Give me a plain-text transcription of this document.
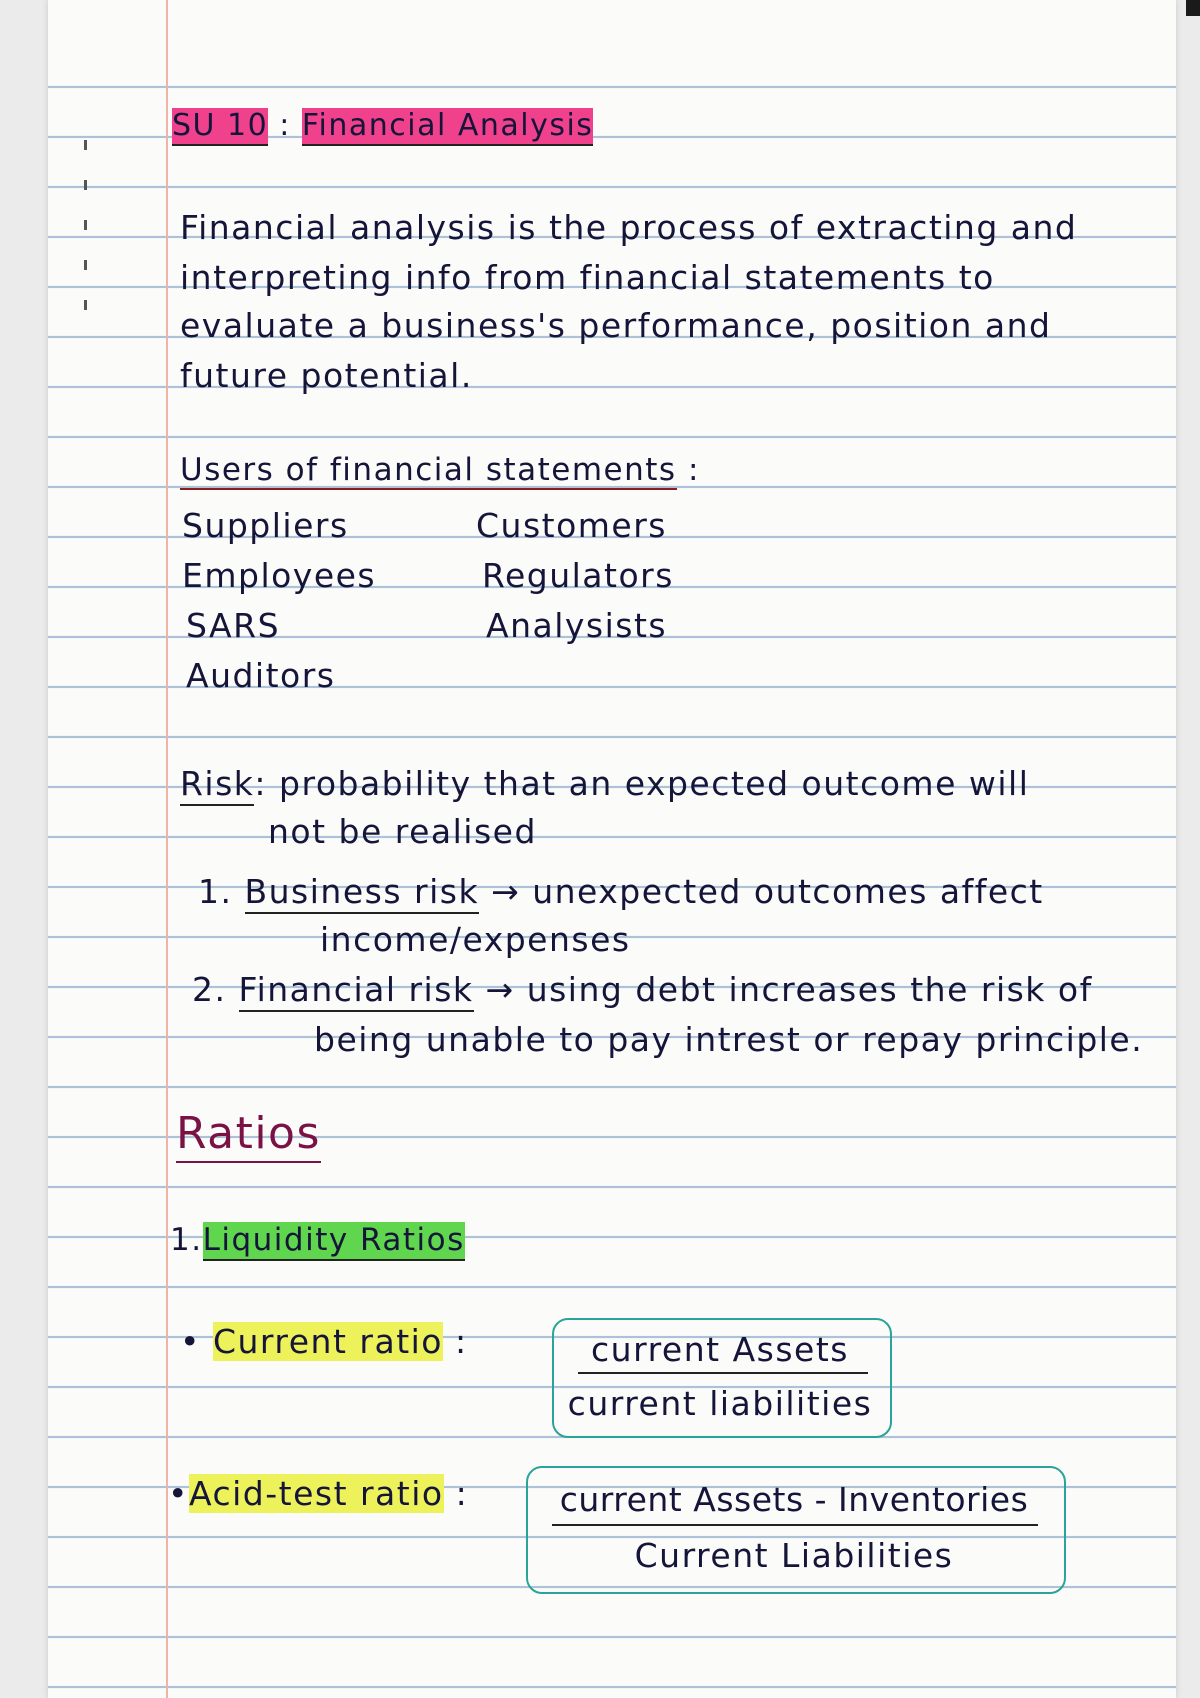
SU 10 : Financial Analysis
Financial analysis is the process of extracting and
interpreting info from financial statements to
evaluate a business's performance, position and
future potential.
Users of financial statements :
Suppliers
Employees
SARS
Auditors
Customers
Regulators
Analysists
Risk: probability that an expected outcome will
not be realised
1. Business risk → unexpected outcomes affect
income/expenses
2. Financial risk → using debt increases the risk of
being unable to pay intrest or repay principle.
Ratios
1.Liquidity Ratios
• Current ratio :	current Assets
current liabilities
•Acid-test ratio :	current Assets - Inventories
Current Liabilities
